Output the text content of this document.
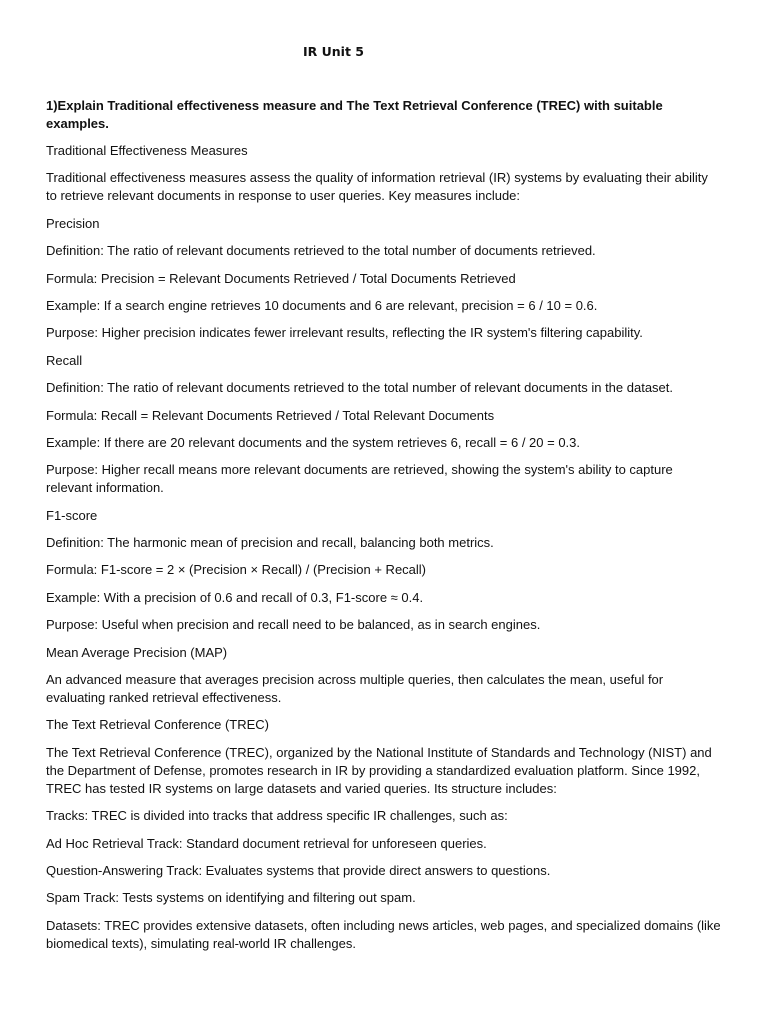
IR Unit 5

1)Explain Traditional effectiveness measure and The Text Retrieval Conference (TREC) with suitable examples.

Traditional Effectiveness Measures

Traditional effectiveness measures assess the quality of information retrieval (IR) systems by evaluating their ability to retrieve relevant documents in response to user queries. Key measures include:

Precision

Definition: The ratio of relevant documents retrieved to the total number of documents retrieved.

Formula: Precision = Relevant Documents Retrieved / Total Documents Retrieved

Example: If a search engine retrieves 10 documents and 6 are relevant, precision = 6 / 10 = 0.6.

Purpose: Higher precision indicates fewer irrelevant results, reflecting the IR system's filtering capability.

Recall

Definition: The ratio of relevant documents retrieved to the total number of relevant documents in the dataset.

Formula: Recall = Relevant Documents Retrieved / Total Relevant Documents

Example: If there are 20 relevant documents and the system retrieves 6, recall = 6 / 20 = 0.3.

Purpose: Higher recall means more relevant documents are retrieved, showing the system's ability to capture relevant information.

F1-score

Definition: The harmonic mean of precision and recall, balancing both metrics.

Formula: F1-score = 2 × (Precision × Recall) / (Precision + Recall)

Example: With a precision of 0.6 and recall of 0.3, F1-score ≈ 0.4.

Purpose: Useful when precision and recall need to be balanced, as in search engines.

Mean Average Precision (MAP)

An advanced measure that averages precision across multiple queries, then calculates the mean, useful for evaluating ranked retrieval effectiveness.

The Text Retrieval Conference (TREC)

The Text Retrieval Conference (TREC), organized by the National Institute of Standards and Technology (NIST) and the Department of Defense, promotes research in IR by providing a standardized evaluation platform. Since 1992, TREC has tested IR systems on large datasets and varied queries. Its structure includes:

Tracks: TREC is divided into tracks that address specific IR challenges, such as:

Ad Hoc Retrieval Track: Standard document retrieval for unforeseen queries.

Question-Answering Track: Evaluates systems that provide direct answers to questions.

Spam Track: Tests systems on identifying and filtering out spam.

Datasets: TREC provides extensive datasets, often including news articles, web pages, and specialized domains (like biomedical texts), simulating real-world IR challenges.
